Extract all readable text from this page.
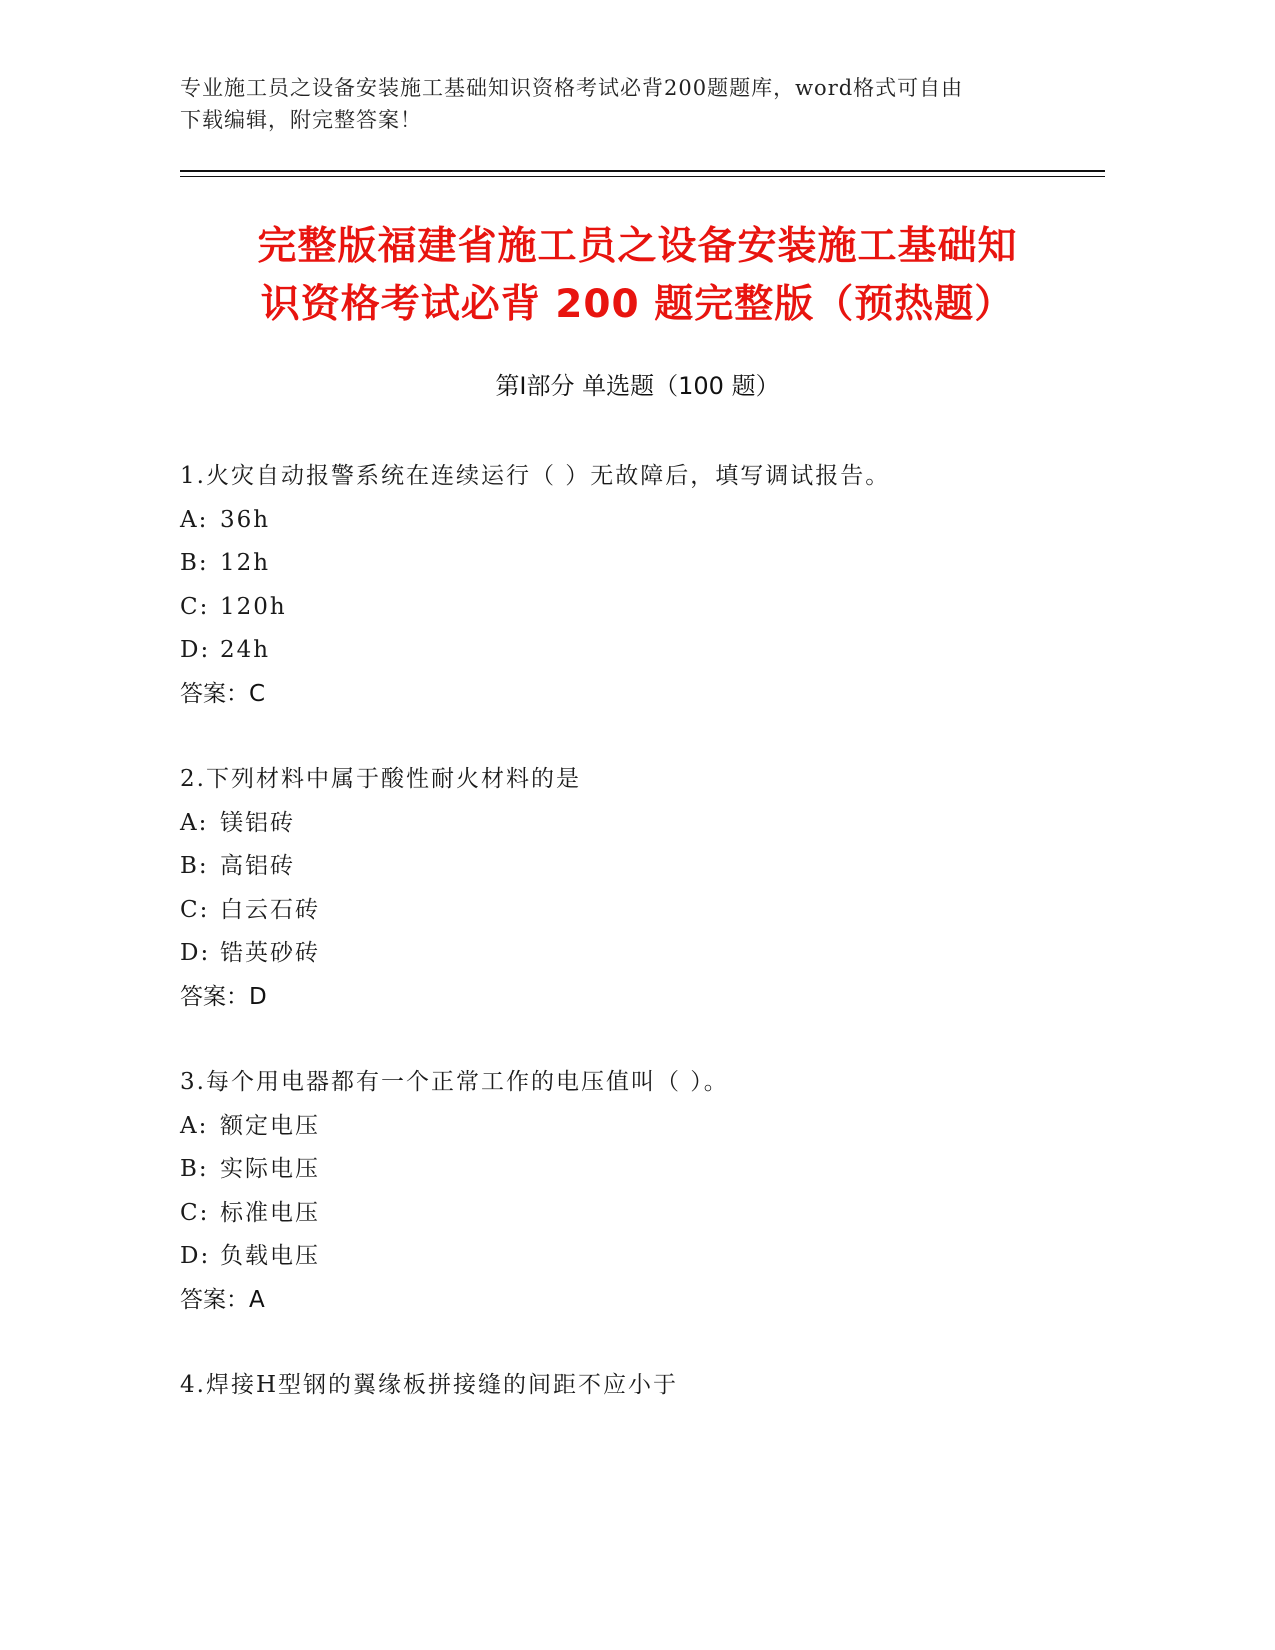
专业施工员之设备安装施工基础知识资格考试必背200题题库，word格式可自由
下载编辑，附完整答案！
完整版福建省施工员之设备安装施工基础知
识资格考试必背 200 题完整版（预热题）
第Ⅰ部分 单选题（100 题）
1.火灾自动报警系统在连续运行（ ）无故障后，填写调试报告。
A: 36h
B: 12h
C: 120h
D: 24h
答案：C
2.下列材料中属于酸性耐火材料的是
A: 镁铝砖
B: 高铝砖
C: 白云石砖
D: 锆英砂砖
答案：D
3.每个用电器都有一个正常工作的电压值叫（ ）。
A: 额定电压
B: 实际电压
C: 标准电压
D: 负载电压
答案：A
4.焊接H型钢的翼缘板拼接缝的间距不应小于
